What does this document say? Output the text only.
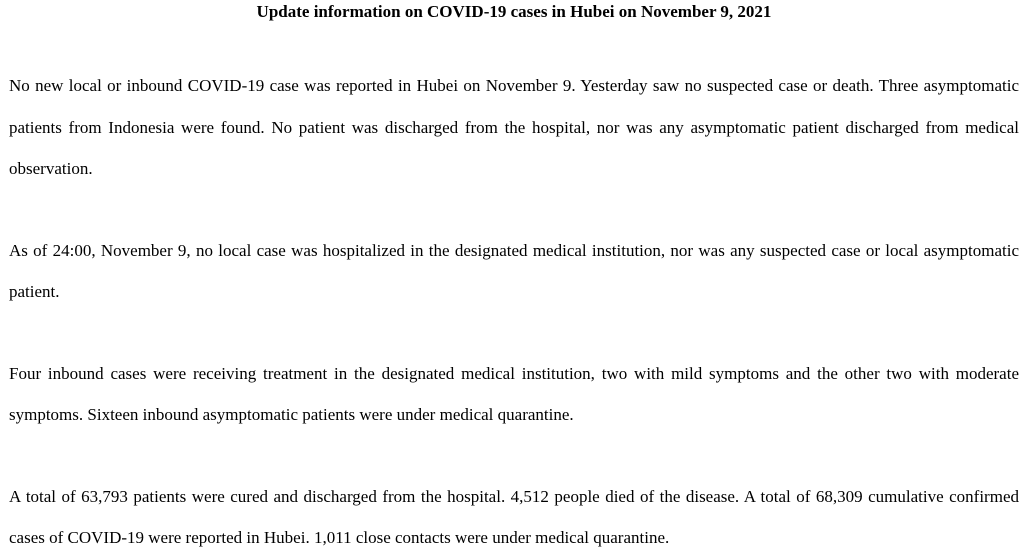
Update information on COVID-19 cases in Hubei on November 9, 2021

No new local or inbound COVID-19 case was reported in Hubei on November 9. Yesterday saw no suspected case or death. Three asymptomatic patients from Indonesia were found. No patient was discharged from the hospital, nor was any asymptomatic patient discharged from medical observation.

As of 24:00, November 9, no local case was hospitalized in the designated medical institution, nor was any suspected case or local asymptomatic patient.

Four inbound cases were receiving treatment in the designated medical institution, two with mild symptoms and the other two with moderate symptoms. Sixteen inbound asymptomatic patients were under medical quarantine.

A total of 63,793 patients were cured and discharged from the hospital. 4,512 people died of the disease. A total of 68,309 cumulative confirmed cases of COVID-19 were reported in Hubei. 1,011 close contacts were under medical quarantine.
